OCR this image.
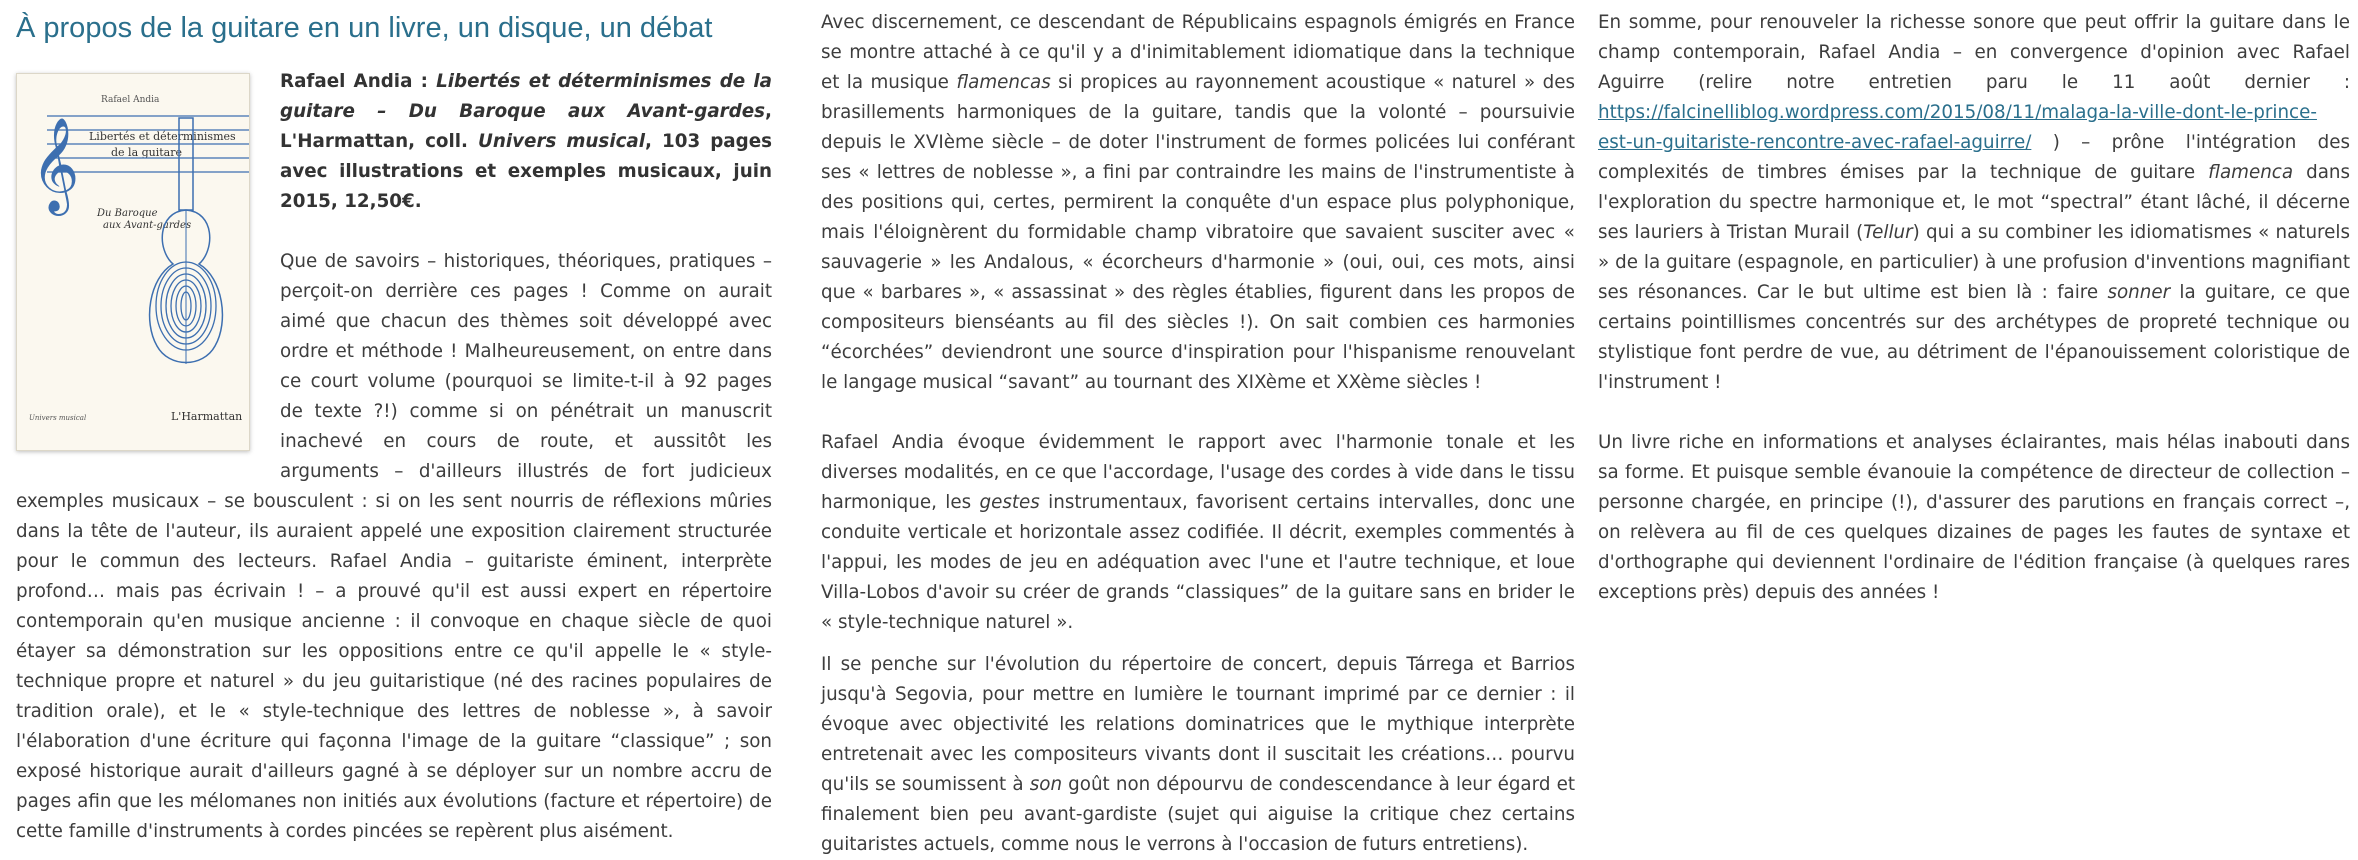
À propos de la guitare en un livre, un disque, un débat
Rafael Andia
Libertés et déterminismes
de la guitare
𝄞
Du Baroque
aux Avant-gardes
Univers musical	L'Harmattan

Rafael Andia : Libertés et déterminismes de la guitare – Du Baroque aux Avant-gardes, L'Harmattan, coll. Univers musical, 103 pages avec illustrations et exemples musicaux, juin 2015, 12,50€.

Que de savoirs – historiques, théoriques, pratiques – perçoit-on derrière ces pages ! Comme on aurait aimé que chacun des thèmes soit développé avec ordre et méthode ! Malheureusement, on entre dans ce court volume (pourquoi se limite-t-il à 92 pages de texte ?!) comme si on pénétrait un manuscrit inachevé en cours de route, et aussitôt les arguments – d'ailleurs illustrés de fort judicieux exemples musicaux – se bousculent : si on les sent nourris de réflexions mûries dans la tête de l'auteur, ils auraient appelé une exposition clairement structurée pour le commun des lecteurs. Rafael Andia – guitariste éminent, interprète profond… mais pas écrivain ! – a prouvé qu'il est aussi expert en répertoire contemporain qu'en musique ancienne : il convoque en chaque siècle de quoi étayer sa démonstration sur les oppositions entre ce qu'il appelle le « style-technique propre et naturel » du jeu guitaristique (né des racines populaires de tradition orale), et le « style-technique des lettres de noblesse », à savoir l'élaboration d'une écriture qui façonna l'image de la guitare “classique” ; son exposé historique aurait d'ailleurs gagné à se déployer sur un nombre accru de pages afin que les mélomanes non initiés aux évolutions (facture et répertoire) de cette famille d'instruments à cordes pincées se repèrent plus aisément.

Avec discernement, ce descendant de Républicains espagnols émigrés en France se montre attaché à ce qu'il y a d'inimitablement idiomatique dans la technique et la musique flamencas si propices au rayonnement acoustique « naturel » des brasillements harmoniques de la guitare, tandis que la volonté – poursuivie depuis le XVIème siècle – de doter l'instrument de formes policées lui conférant ses « lettres de noblesse », a fini par contraindre les mains de l'instrumentiste à des positions qui, certes, permirent la conquête d'un espace plus polyphonique, mais l'éloignèrent du formidable champ vibratoire que savaient susciter avec « sauvagerie » les Andalous, « écorcheurs d'harmonie » (oui, oui, ces mots, ainsi que « barbares », « assassinat » des règles établies, figurent dans les propos de compositeurs bienséants au fil des siècles !). On sait combien ces harmonies “écorchées” deviendront une source d'inspiration pour l'hispanisme renouvelant le langage musical “savant” au tournant des XIXème et XXème siècles !

Rafael Andia évoque évidemment le rapport avec l'harmonie tonale et les diverses modalités, en ce que l'accordage, l'usage des cordes à vide dans le tissu harmonique, les gestes instrumentaux, favorisent certains intervalles, donc une conduite verticale et horizontale assez codifiée. Il décrit, exemples commentés à l'appui, les modes de jeu en adéquation avec l'une et l'autre technique, et loue Villa-Lobos d'avoir su créer de grands “classiques” de la guitare sans en brider le « style-technique naturel ».

Il se penche sur l'évolution du répertoire de concert, depuis Tárrega et Barrios jusqu'à Segovia, pour mettre en lumière le tournant imprimé par ce dernier : il évoque avec objectivité les relations dominatrices que le mythique interprète entretenait avec les compositeurs vivants dont il suscitait les créations… pourvu qu'ils se soumissent à son goût non dépourvu de condescendance à leur égard et finalement bien peu avant-gardiste (sujet qui aiguise la critique chez certains guitaristes actuels, comme nous le verrons à l'occasion de futurs entretiens).

En somme, pour renouveler la richesse sonore que peut offrir la guitare dans le champ contemporain, Rafael Andia – en convergence d'opinion avec Rafael Aguirre (relire notre entretien paru le 11 août dernier : https://falcinelliblog.wordpress.com/2015/08/11/malaga-la-ville-dont-le-prince-est-un-guitariste-rencontre-avec-rafael-aguirre/ ) – prône l'intégration des complexités de timbres émises par la technique de guitare flamenca dans l'exploration du spectre harmonique et, le mot “spectral” étant lâché, il décerne ses lauriers à Tristan Murail (Tellur) qui a su combiner les idiomatismes « naturels » de la guitare (espagnole, en particulier) à une profusion d'inventions magnifiant ses résonances. Car le but ultime est bien là : faire sonner la guitare, ce que certains pointillismes concentrés sur des archétypes de propreté technique ou stylistique font perdre de vue, au détriment de l'épanouissement coloristique de l'instrument !

Un livre riche en informations et analyses éclairantes, mais hélas inabouti dans sa forme. Et puisque semble évanouie la compétence de directeur de collection – personne chargée, en principe (!), d'assurer des parutions en français correct –, on relèvera au fil de ces quelques dizaines de pages les fautes de syntaxe et d'orthographe qui deviennent l'ordinaire de l'édition française (à quelques rares exceptions près) depuis des années !
